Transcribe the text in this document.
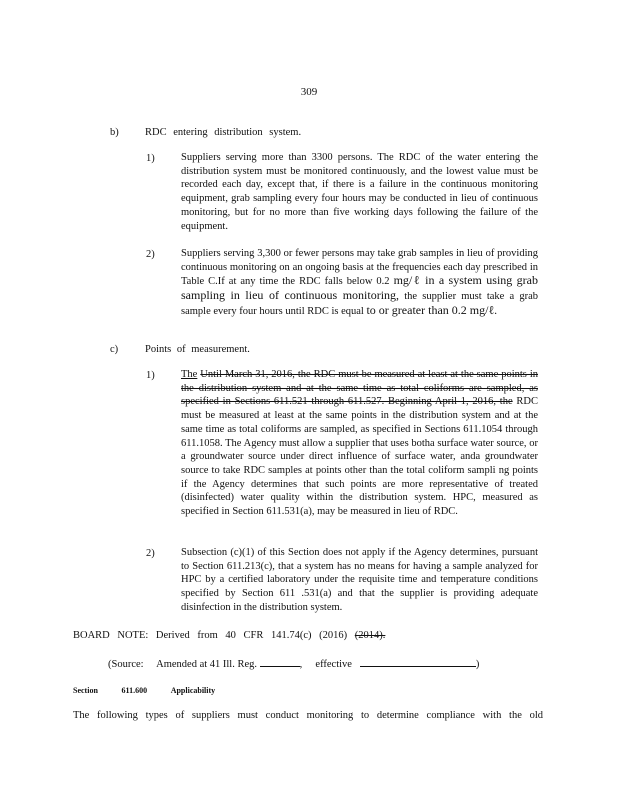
309
b)	RDC entering distribution system.
1)	Suppliers serving more than 3300 persons. The RDC of the water entering the distribution system must be monitored continuously, and the lowest value must be recorded each day, except that, if there is a failure in the continuous monitoring equipment, grab sampling every four hours may be conducted in lieu of continuous monitoring, but for no more than five working days following the failure of the equipment.
2)	Suppliers serving 3,300 or fewer persons may take grab samples in lieu of providing continuous monitoring on an ongoing basis at the frequencies each day prescribed in Table C.If at any time the RDC falls below 0.2 mg/ℓ in a system using grab sampling in lieu of continuous monitoring, the supplier must take a grab sample every four hours until RDC is equal to or greater than 0.2 mg/ℓ.
c)	Points of measurement.
1)	The Until March 31, 2016, the RDC must be measured at least at the same points in the distribution system and at the same time as total coliforms are sampled, as specified in Sections 611.521 through 611.527. Beginning April 1, 2016, the RDC must be measured at least at the same points in the distribution system and at the same time as total coliforms are sampled, as specified in Sections 611.1054 through 611.1058. The Agency must allow a supplier that uses botha surface water source, or a groundwater source under direct influence of surface water, anda groundwater source to take RDC samples at points other than the total coliform sampli ng points if the Agency determines that such points are more representative of treated (disinfected) water quality within the distribution system. HPC, measured as specified in Section 611.531(a), may be measured in lieu of RDC.
2)	Subsection (c)(1) of this Section does not apply if the Agency determines, pursuant to Section 611.213(c), that a system has no means for having a sample analyzed for HPC by a certified laboratory under the requisite time and temperature conditions specified by Section 611 .531(a) and that the supplier is providing adequate disinfection in the distribution system.
BOARD NOTE: Derived from 40 CFR 141.74(c) (2016) (2014).
(Source: Amended at 41 Ill. Reg.	, effective	)
Section	611.600	Applicability
The following types of suppliers must conduct monitoring to determine compliance with the old
